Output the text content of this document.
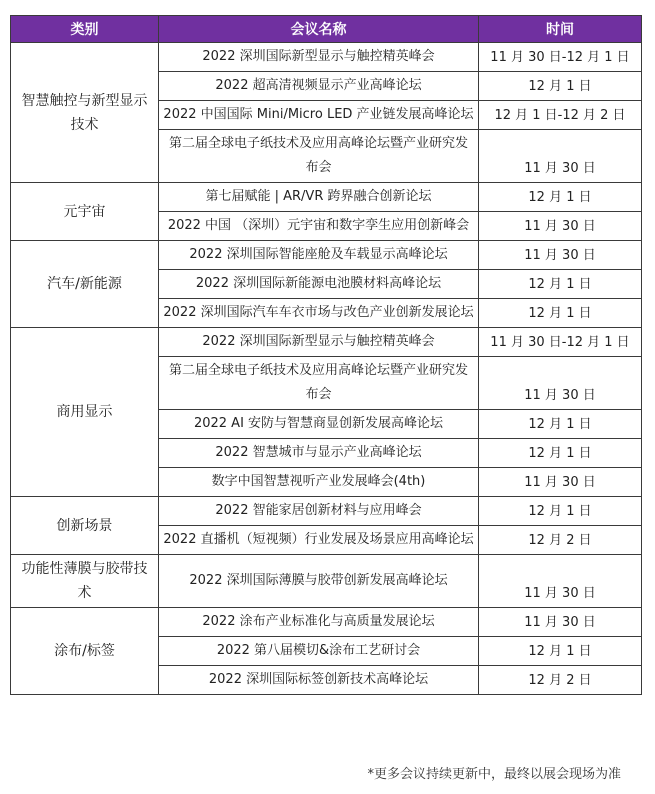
类别	会议名称	时间
智慧触控与新型显示技术	2022 深圳国际新型显示与触控精英峰会	11 月 30 日-12 月 1 日
	2022 超高清视频显示产业高峰论坛	12 月 1 日
	2022 中国国际 Mini/Micro LED 产业链发展高峰论坛	12 月 1 日-12 月 2 日
	第二届全球电子纸技术及应用高峰论坛暨产业研究发布会	11 月 30 日
元宇宙	第七届赋能 | AR/VR 跨界融合创新论坛	12 月 1 日
	2022 中国 （深圳）元宇宙和数字孪生应用创新峰会	11 月 30 日
汽车/新能源	2022 深圳国际智能座舱及车载显示高峰论坛	11 月 30 日
	2022 深圳国际新能源电池膜材料高峰论坛	12 月 1 日
	2022 深圳国际汽车车衣市场与改色产业创新发展论坛	12 月 1 日
商用显示	2022 深圳国际新型显示与触控精英峰会	11 月 30 日-12 月 1 日
	第二届全球电子纸技术及应用高峰论坛暨产业研究发布会	11 月 30 日
	2022 AI 安防与智慧商显创新发展高峰论坛	12 月 1 日
	2022 智慧城市与显示产业高峰论坛	12 月 1 日
	数字中国智慧视听产业发展峰会(4th)	11 月 30 日
创新场景	2022 智能家居创新材料与应用峰会	12 月 1 日
	2022 直播机（短视频）行业发展及场景应用高峰论坛	12 月 2 日
功能性薄膜与胶带技术	2022 深圳国际薄膜与胶带创新发展高峰论坛	11 月 30 日
涂布/标签	2022 涂布产业标准化与高质量发展论坛	11 月 30 日
	2022 第八届模切&涂布工艺研讨会	12 月 1 日
	2022 深圳国际标签创新技术高峰论坛	12 月 2 日
*更多会议持续更新中，最终以展会现场为准
